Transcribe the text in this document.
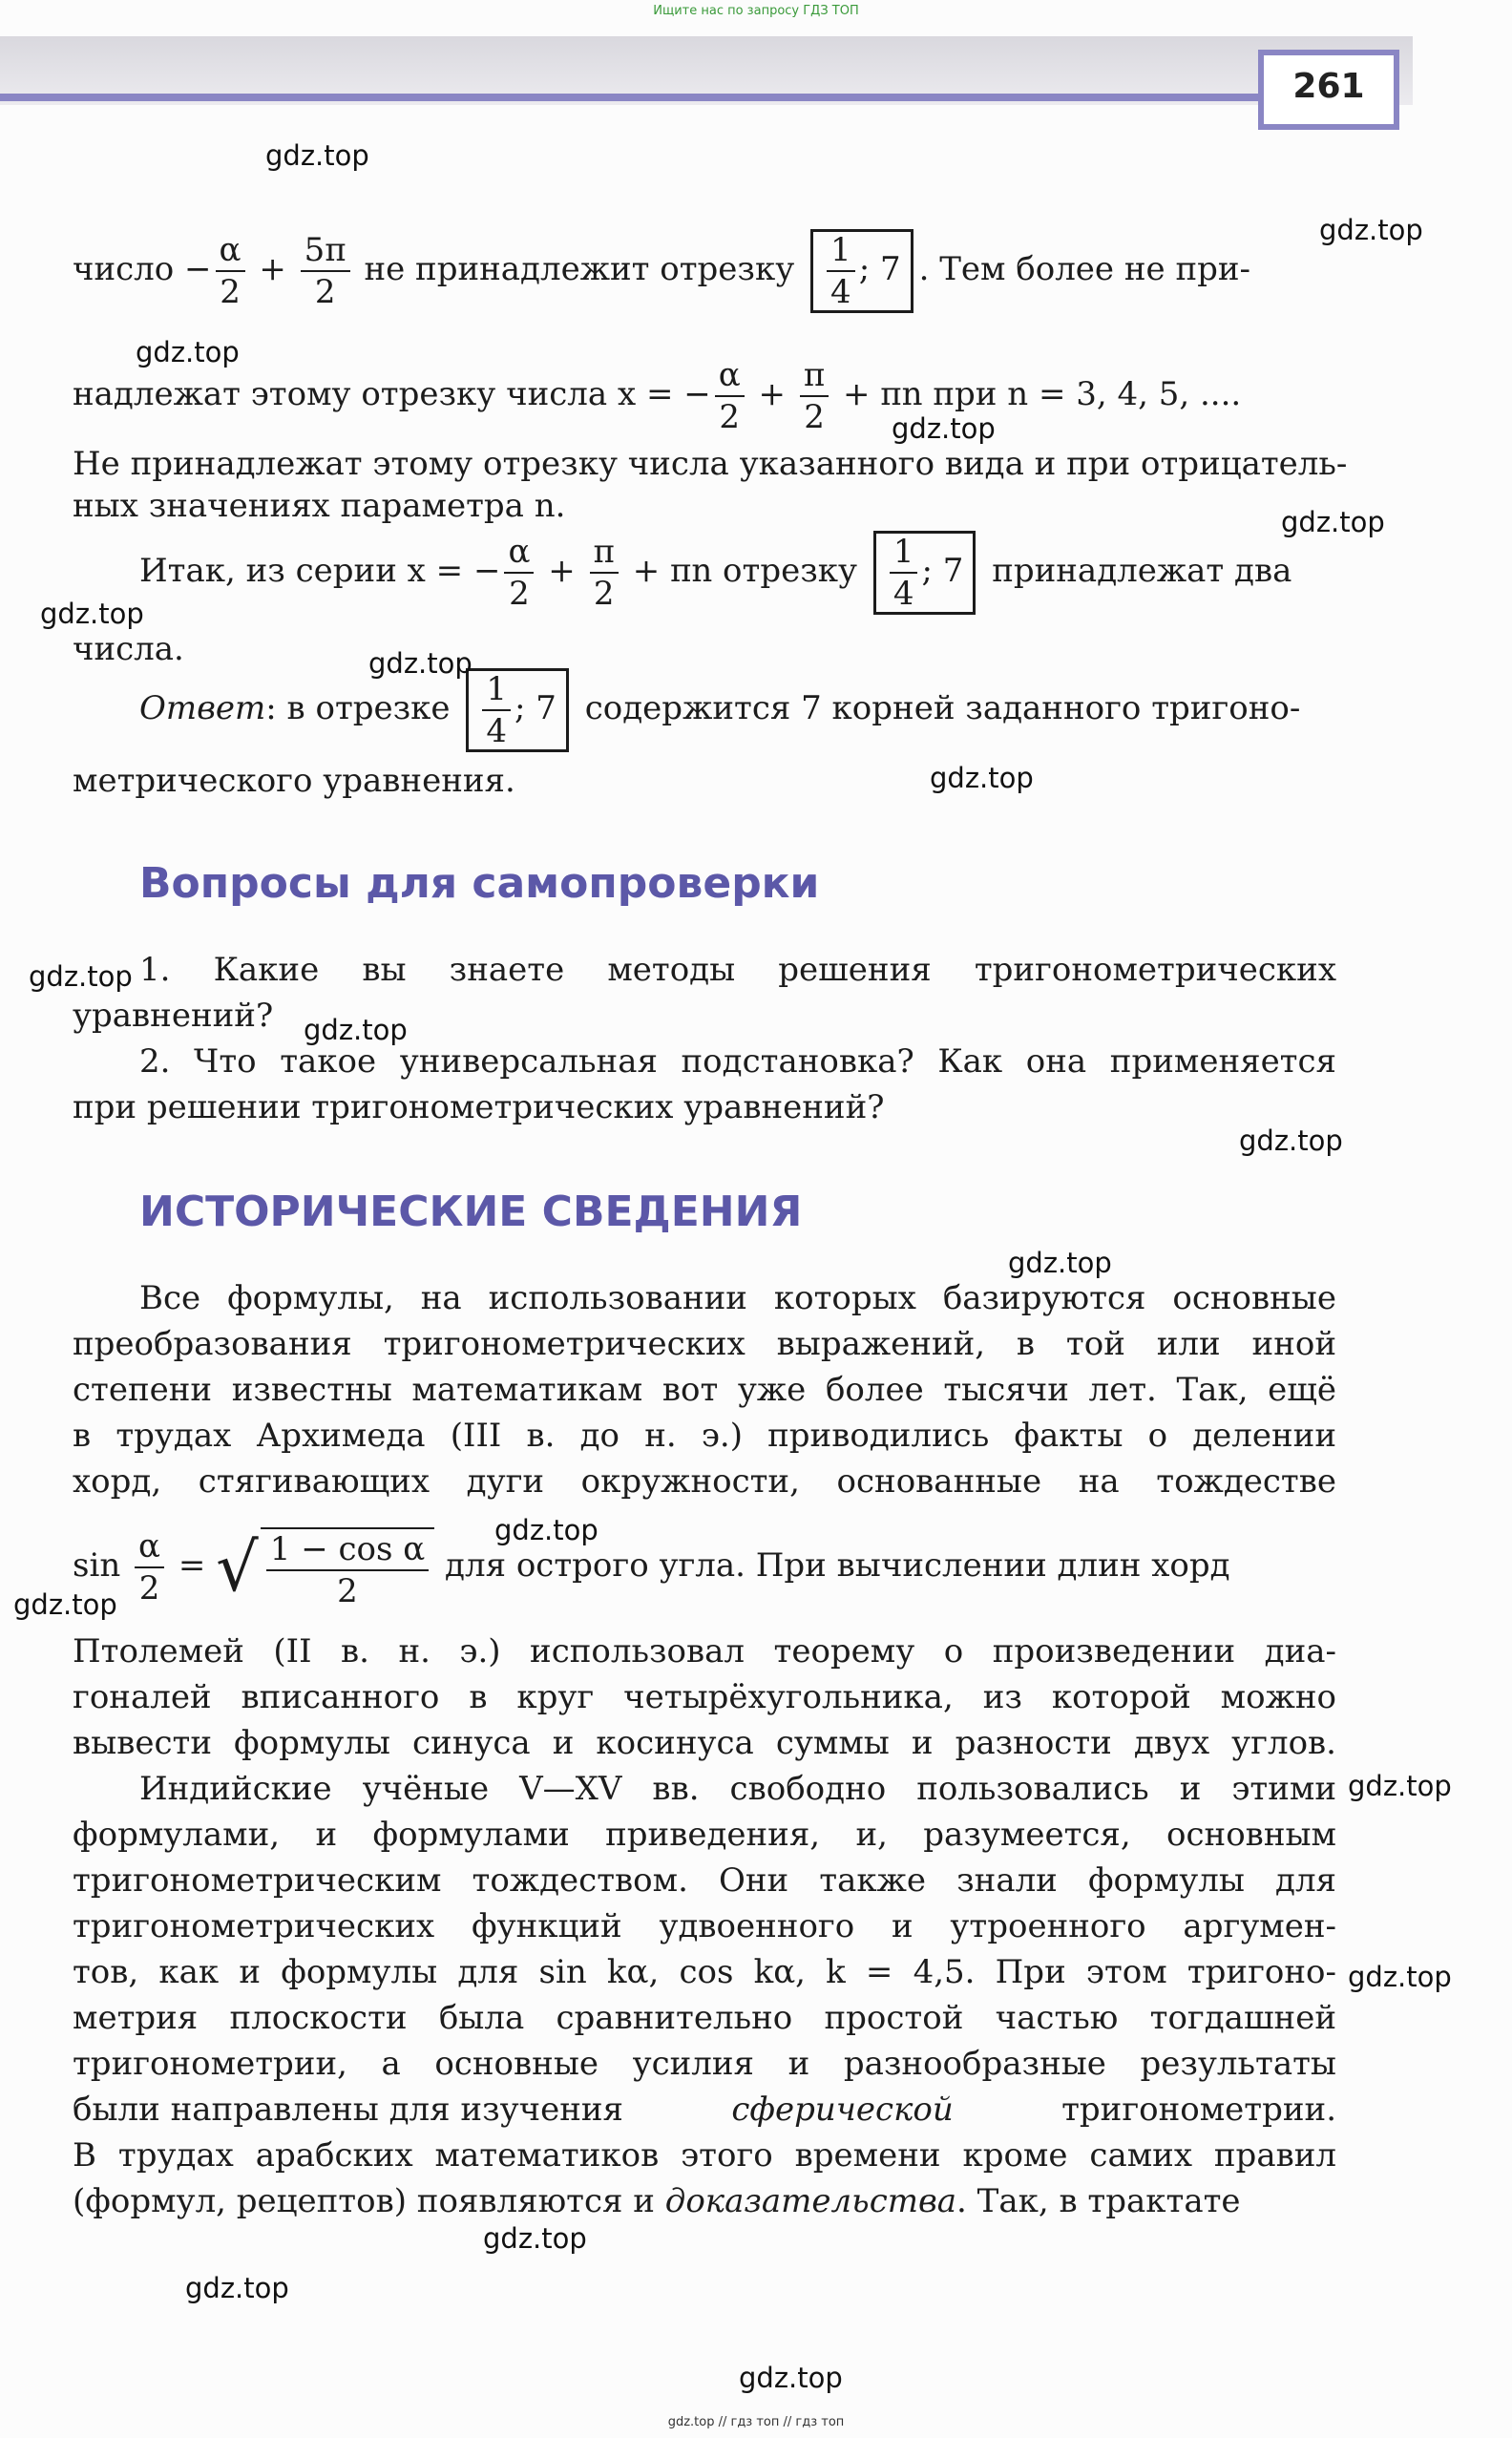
Ищите нас по запросу ГДЗ ТОП
261
число − $\frac{\alpha}{2} + \frac{5\pi}{2}$ не принадлежит отрезку $\frac{1}{4}$ ; 7 . Тем более не при-
надлежат этому отрезку числа x = − $\frac{\alpha}{2} + \frac{\pi}{2} + \pi n$ при n = 3, 4, 5, ....
Не принадлежат этому отрезку числа указанного вида и при отрицатель-
ных значениях параметра n.
Итак, из серии x = − $\frac{\alpha}{2} + \frac{\pi}{2} + \pi n$ отрезку $\frac{1}{4}$ ; 7 принадлежат два
числа.
Ответ: в отрезке $\frac{1}{4}$ ; 7 содержится 7 корней заданного тригоно-
метрического уравнения.
Вопросы для самопроверки
1. Какие вы знаете методы решения тригонометрических
уравнений?
2. Что такое универсальная подстановка? Как она применяется
при решении тригонометрических уравнений?
ИСТОРИЧЕСКИЕ СВЕДЕНИЯ
Все формулы, на использовании которых базируются основные
преобразования тригонометрических выражений, в той или иной
степени известны математикам вот уже более тысячи лет. Так, ещё
в трудах Архимеда (III в. до н. э.) приводились факты о делении
хорд, стягивающих дуги окружности, основанные на тождестве
$\sin \frac{\alpha}{2}$ = √ $\frac{\text{1 − cos α}}{2}$ для острого угла. При вычислении длин хорд
Птолемей (II в. н. э.) использовал теорему о произведении диа-
гоналей вписанного в круг четырёхугольника, из которой можно
вывести формулы синуса и косинуса суммы и разности двух углов.
Индийские учёные V—XV вв. свободно пользовались и этими
формулами, и формулами приведения, и, разумеется, основным
тригонометрическим тождеством. Они также знали формулы для
тригонометрических функций удвоенного и утроенного аргумен-
тов, как и формулы для sin kα, cos kα, k = 4,5. При этом тригоно-
метрия плоскости была сравнительно простой частью тогдашней
тригонометрии, а основные усилия и разнообразные результаты
были направлены для изучения	сферической	тригонометрии.
В трудах арабских математиков этого времени кроме самих правил
(формул, рецептов) появляются и доказательства. Так, в трактате
gdz.top
gdz.top
gdz.top
gdz.top
gdz.top
gdz.top
gdz.top
gdz.top
gdz.top
gdz.top
gdz.top
gdz.top
gdz.top
gdz.top
gdz.top
gdz.top
gdz.top
gdz.top
gdz.top
gdz.top // гдз топ // гдз топ
